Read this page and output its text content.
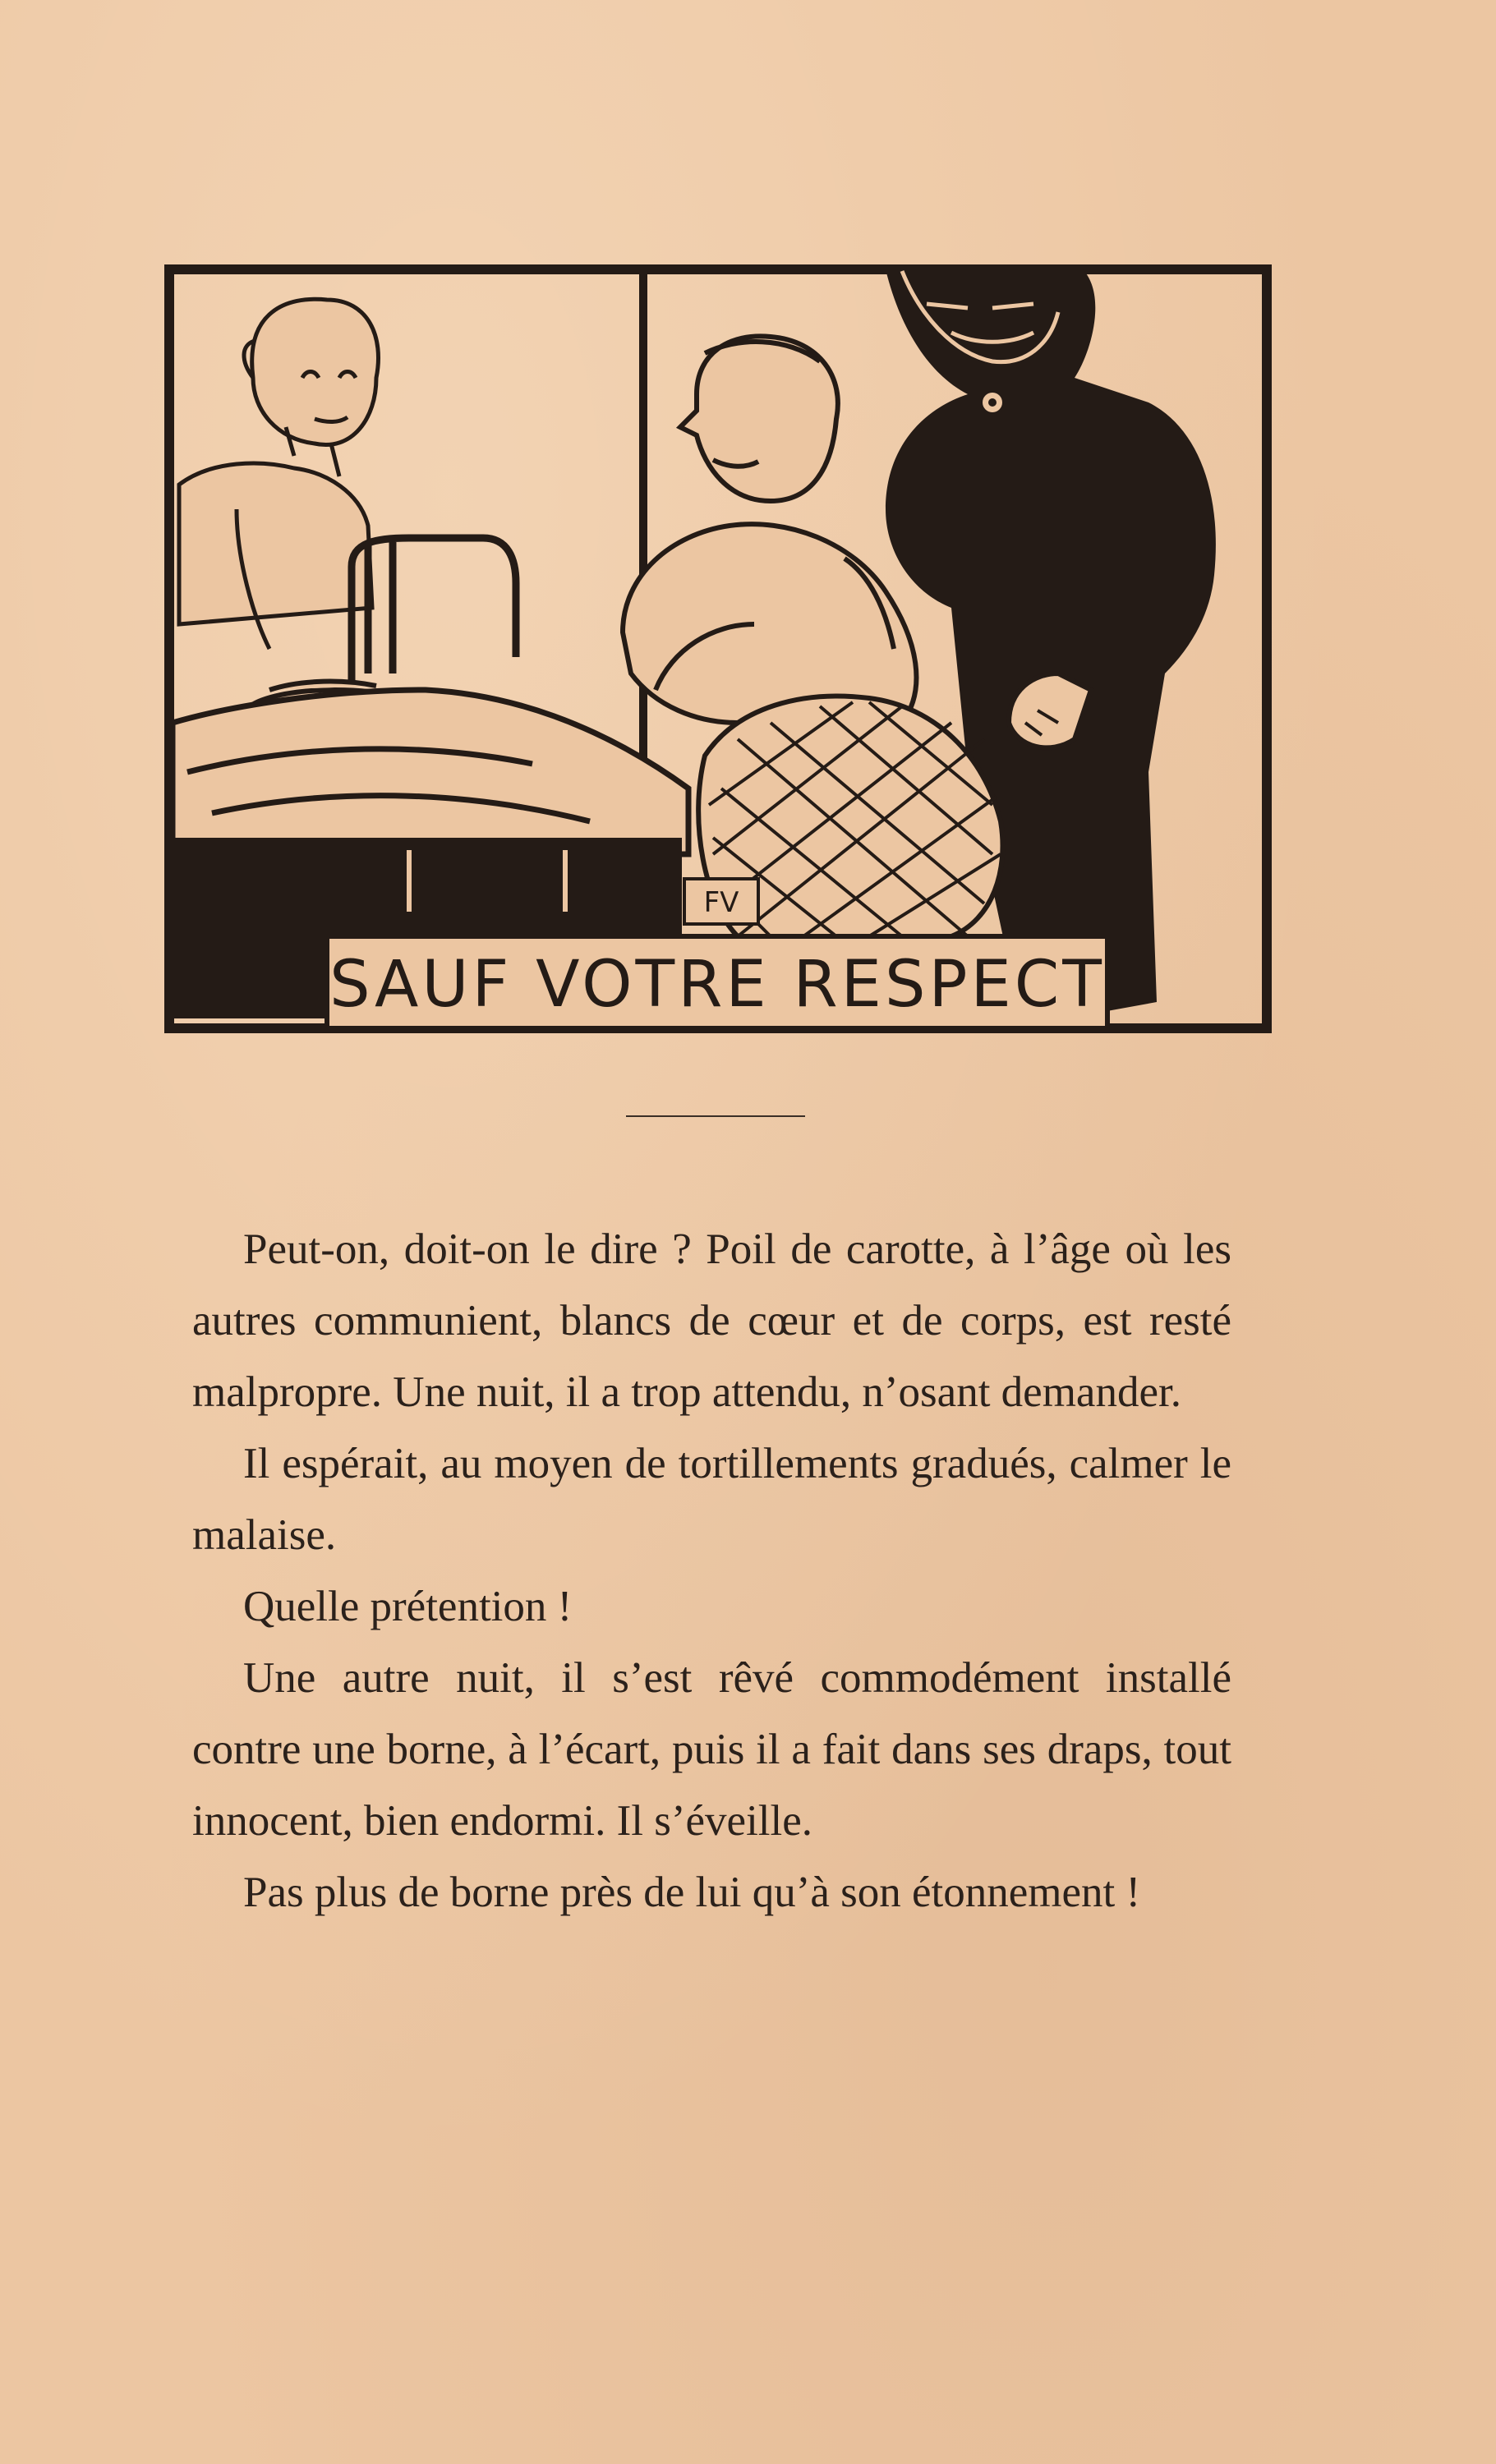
SAUF VOTRE RESPECT
FV

Peut-on, doit-on le dire ? Poil de carotte, à l’âge où les autres communient, blancs de cœur et de corps, est resté malpropre. Une nuit, il a trop attendu, n’osant demander.

Il espérait, au moyen de tortillements gradués, calmer le malaise.

Quelle prétention !

Une autre nuit, il s’est rêvé commodément installé contre une borne, à l’écart, puis il a fait dans ses draps, tout innocent, bien endormi. Il s’éveille.

Pas plus de borne près de lui qu’à son étonnement !
